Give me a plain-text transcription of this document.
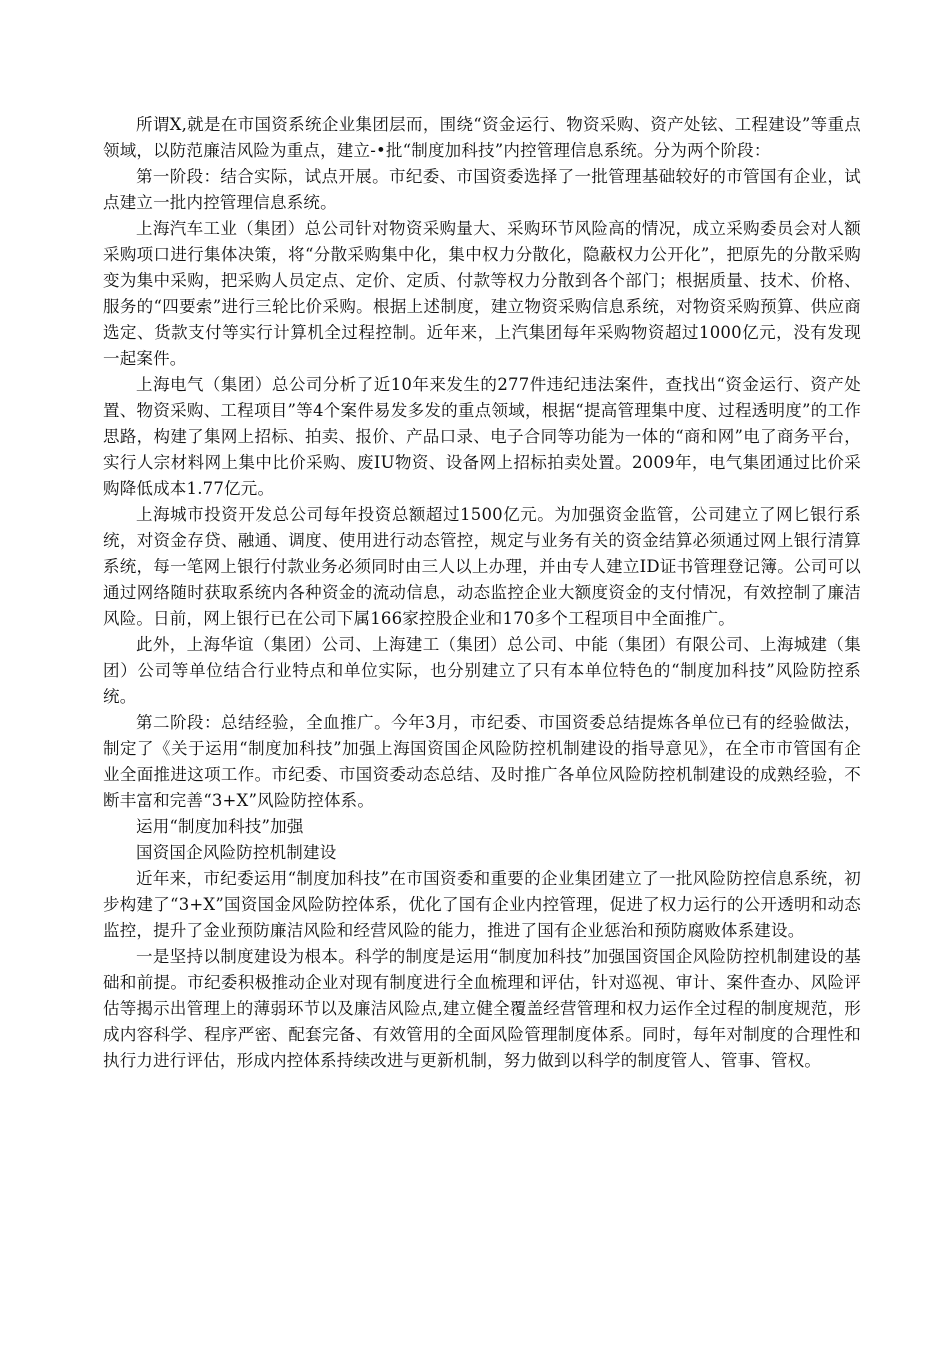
所谓X,就是在市国资系统企业集团层而，围绕“资金运行、物资采购、资产处铉、工程建设”等重点领域，以防范廉洁风险为重点，建立-•批“制度加科技”内控管理信息系统。分为两个阶段：

第一阶段：结合实际，试点开展。市纪委、市国资委选择了一批管理基础较好的市管国有企业，试点建立一批内控管理信息系统。

上海汽车工业（集团）总公司针对物资采购量大、采购环节风险高的情况，成立采购委员会对人额采购项口进行集体决策，将“分散采购集中化，集中权力分散化，隐蔽权力公开化”，把原先的分散采购变为集中采购，把采购人员定点、定价、定质、付款等权力分散到各个部门；根据质量、技术、价格、服务的“四要索”进行三轮比价采购。根据上述制度，建立物资采购信息系统，对物资采购预算、供应商选定、货款支付等实行计算机全过程控制。近年来，上汽集团每年采购物资超过1000亿元，没有发现一起案件。

上海电气（集团）总公司分析了近10年来发生的277件违纪违法案件，查找出“资金运行、资产处置、物资采购、工程项目”等4个案件易发多发的重点领域，根据“提高管理集中度、过程透明度”的工作思路，构建了集网上招标、拍卖、报价、产品口录、电子合同等功能为一体的“商和网”电了商务平台，实行人宗材料网上集中比价采购、废IU物资、设备网上招标拍卖处置。2009年，电气集团通过比价采购降低成本1.77亿元。

上海城市投资开发总公司每年投资总额超过1500亿元。为加强资金监管，公司建立了网匕银行系统，对资金存贷、融通、调度、使用进行动态管控，规定与业务有关的资金结算必须通过网上银行清算系统，每一笔网上银行付款业务必须同时由三人以上办理，并由专人建立ID证书管理登记簿。公司可以通过网络随时获取系统内各种资金的流动信息，动态监控企业大额度资金的支付情况，有效控制了廉洁风险。日前，网上银行已在公司下属166家控股企业和170多个工程项目中全面推广。

此外，上海华谊（集团）公司、上海建工（集团）总公司、中能（集团）有限公司、上海城建（集团）公司等单位结合行业特点和单位实际，也分别建立了只有本单位特色的“制度加科技”风险防控系统。

第二阶段：总结经验，全血推广。今年3月，市纪委、市国资委总结提炼各单位已有的经验做法，制定了《关于运用“制度加科技”加强上海国资国企风险防控机制建设的指导意见》，在全市市管国有企业全面推进这项工作。市纪委、市国资委动态总结、及时推广各单位风险防控机制建设的成熟经验，不断丰富和完善“3+X”风险防控体系。

运用“制度加科技”加强

国资国企风险防控机制建设

近年来，市纪委运用“制度加科技”在市国资委和重要的企业集团建立了一批风险防控信息系统，初步构建了“3+X”国资国金风险防控体系，优化了国有企业内控管理，促进了权力运行的公开透明和动态监控，提升了金业预防廉洁风险和经营风险的能力，推进了国有企业惩治和预防腐败体系建设。

一是坚持以制度建设为根本。科学的制度是运用“制度加科技”加强国资国企风险防控机制建设的基础和前提。市纪委积极推动企业对现有制度进行全血梳理和评估，针对巡视、审计、案件查办、风险评估等揭示出管理上的薄弱环节以及廉洁风险点,建立健全覆盖经营管理和权力运作全过程的制度规范，形成内容科学、程序严密、配套完备、有效管用的全面风险管理制度体系。同时，每年对制度的合理性和执行力进行评估，形成内控体系持续改进与更新机制，努力做到以科学的制度管人、管事、管权。
